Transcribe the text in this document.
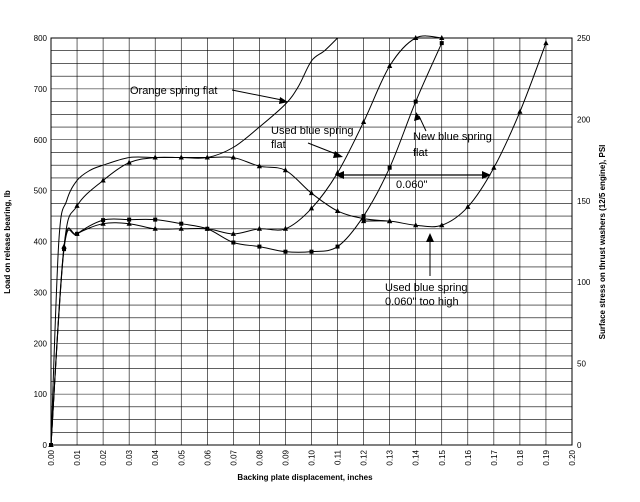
0.00 0.01 0.02 0.03 0.04 0.05 0.06 0.07 0.08 0.09 0.10 0.11 0.12 0.13 0.14 0.15 0.16 0.17 0.18 0.19 0.20
0
100
200
300
400
500
600
700
800
0
50
100
150
200
250
Backing plate displacement, inches
Load on release bearing, lb	Surface stress on thrust washers (12/5 engine), PSI
Orange spring flat
Used blue spring
flat
New blue spring
flat
0.060"
Used blue spring
0.060" too high
